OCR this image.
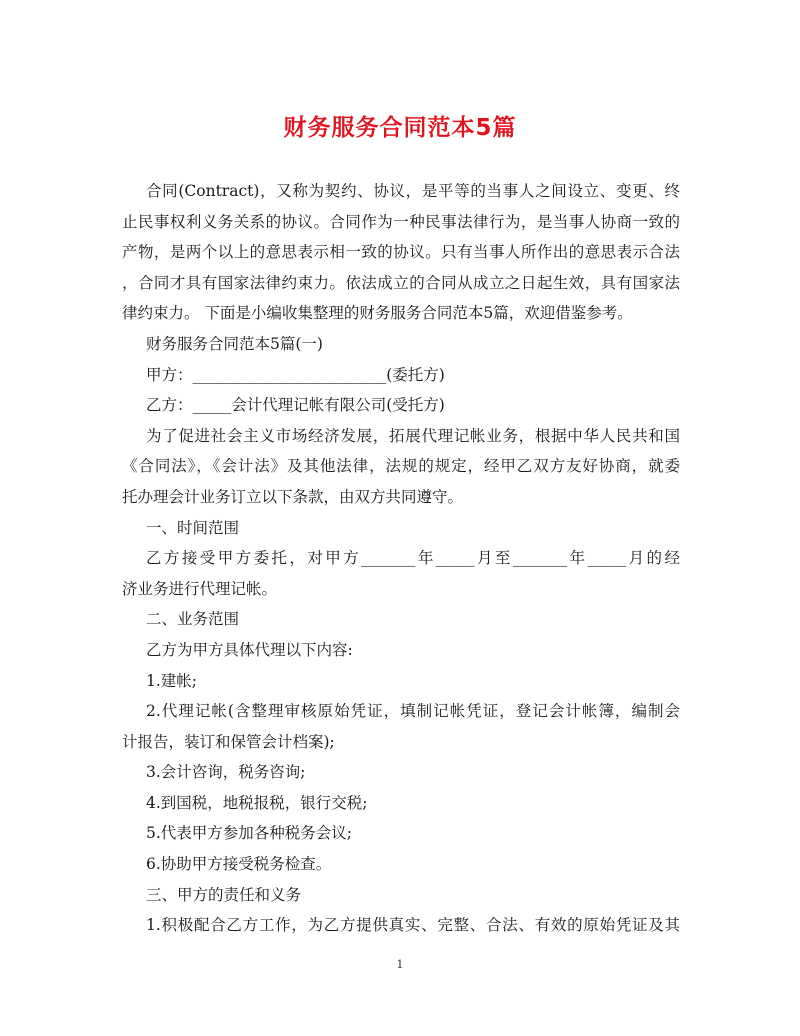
财务服务合同范本5篇
合同(Contract)，又称为契约、协议，是平等的当事人之间设立、变更、终
止民事权利义务关系的协议。合同作为一种民事法律行为，是当事人协商一致的
产物，是两个以上的意思表示相一致的协议。只有当事人所作出的意思表示合法
，合同才具有国家法律约束力。依法成立的合同从成立之日起生效，具有国家法
律约束力。 下面是小编收集整理的财务服务合同范本5篇，欢迎借鉴参考。
财务服务合同范本5篇(一)
甲方：_________________________(委托方)
乙方：_____会计代理记帐有限公司(受托方)
为了促进社会主义市场经济发展，拓展代理记帐业务，根据中华人民共和国
《合同法》，《会计法》及其他法律，法规的规定，经甲乙双方友好协商，就委
托办理会计业务订立以下条款，由双方共同遵守。
一、时间范围
乙方接受甲方委托，对甲方_______年_____月至_______年_____月的经
济业务进行代理记帐。
二、业务范围
乙方为甲方具体代理以下内容:
1.建帐;
2.代理记帐(含整理审核原始凭证，填制记帐凭证，登记会计帐簿，编制会
计报告，装订和保管会计档案);
3.会计咨询，税务咨询;
4.到国税，地税报税，银行交税;
5.代表甲方参加各种税务会议;
6.协助甲方接受税务检查。
三、甲方的责任和义务
1.积极配合乙方工作，为乙方提供真实、完整、合法、有效的原始凭证及其
1
